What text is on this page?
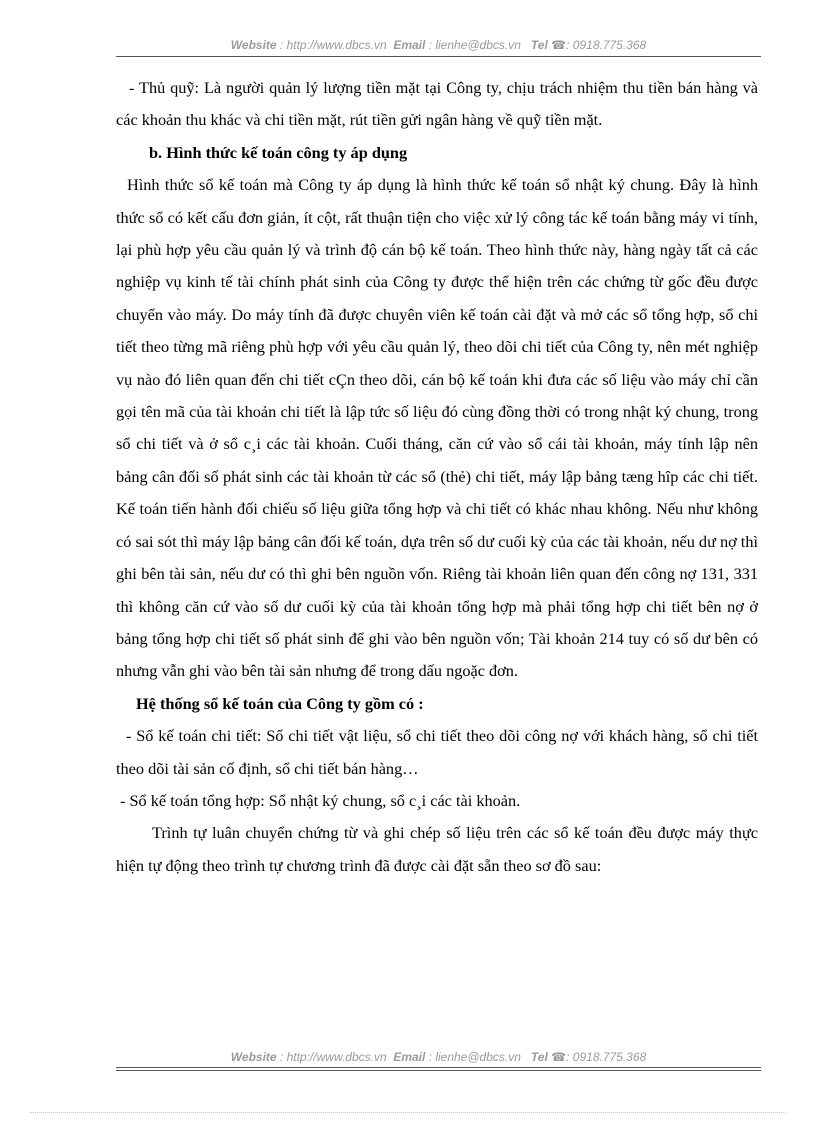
Website : http://www.dbcs.vn Email : lienhe@dbcs.vn Tel ☎: 0918.775.368

- Thủ quỹ: Là người quản lý lượng tiền mặt tại Công ty, chịu trách nhiệm thu tiền bán hàng và các khoản thu khác và chi tiền mặt, rút tiền gửi ngân hàng về quỹ tiền mặt.

b. Hình thức kế toán công ty áp dụng

Hình thức sổ kế toán mà Công ty áp dụng là hình thức kế toán sổ nhật ký chung. Đây là hình thức sổ có kết cấu đơn giản, ít cột, rất thuận tiện cho việc xử lý công tác kế toán bằng máy vi tính, lại phù hợp yêu cầu quản lý và trình độ cán bộ kế toán. Theo hình thức này, hàng ngày tất cả các nghiệp vụ kinh tế tài chính phát sinh của Công ty được thể hiện trên các chứng từ gốc đều được chuyển vào máy. Do máy tính đã được chuyên viên kế toán cài đặt và mở các sổ tổng hợp, sổ chi tiết theo từng mã riêng phù hợp với yêu cầu quản lý, theo dõi chi tiết của Công ty, nên mét nghiệp vụ nào đó liên quan đến chi tiết cÇn theo dõi, cán bộ kế toán khi đưa các số liệu vào máy chỉ cần gọi tên mã của tài khoản chi tiết là lập tức số liệu đó cùng đồng thời có trong nhật ký chung, trong sổ chi tiết và ở sổ c¸i các tài khoản. Cuối tháng, căn cứ vào sổ cái tài khoản, máy tính lập nên bảng cân đối số phát sinh các tài khoản từ các sổ (thẻ) chi tiết, máy lập bảng tæng hîp các chi tiết. Kế toán tiến hành đối chiếu số liệu giữa tổng hợp và chi tiết có khác nhau không. Nếu như không có sai sót thì máy lập bảng cân đối kế toán, dựa trên số dư cuối kỳ của các tài khoản, nếu dư nợ thì ghi bên tài sản, nếu dư có thì ghi bên nguồn vốn. Riêng tài khoản liên quan đến công nợ 131, 331 thì không căn cứ vào số dư cuối kỳ của tài khoản tổng hợp mà phải tổng hợp chi tiết bên nợ ở bảng tổng hợp chi tiết số phát sinh để ghi vào bên nguồn vốn; Tài khoản 214 tuy có số dư bên có nhưng vẫn ghi vào bên tài sản nhưng để trong dấu ngoặc đơn.

Hệ thống sổ kế toán của Công ty gồm có :

- Sổ kế toán chi tiết: Sổ chi tiết vật liệu, sổ chi tiết theo dõi công nợ với khách hàng, sổ chi tiết theo dõi tài sản cố định, sổ chi tiết bán hàng…

- Sổ kế toán tổng hợp: Sổ nhật ký chung, sổ c¸i các tài khoản.

Trình tự luân chuyển chứng từ và ghi chép số liệu trên các sổ kế toán đều được máy thực hiện tự động theo trình tự chương trình đã được cài đặt sẵn theo sơ đồ sau:

Website : http://www.dbcs.vn Email : lienhe@dbcs.vn Tel ☎: 0918.775.368
